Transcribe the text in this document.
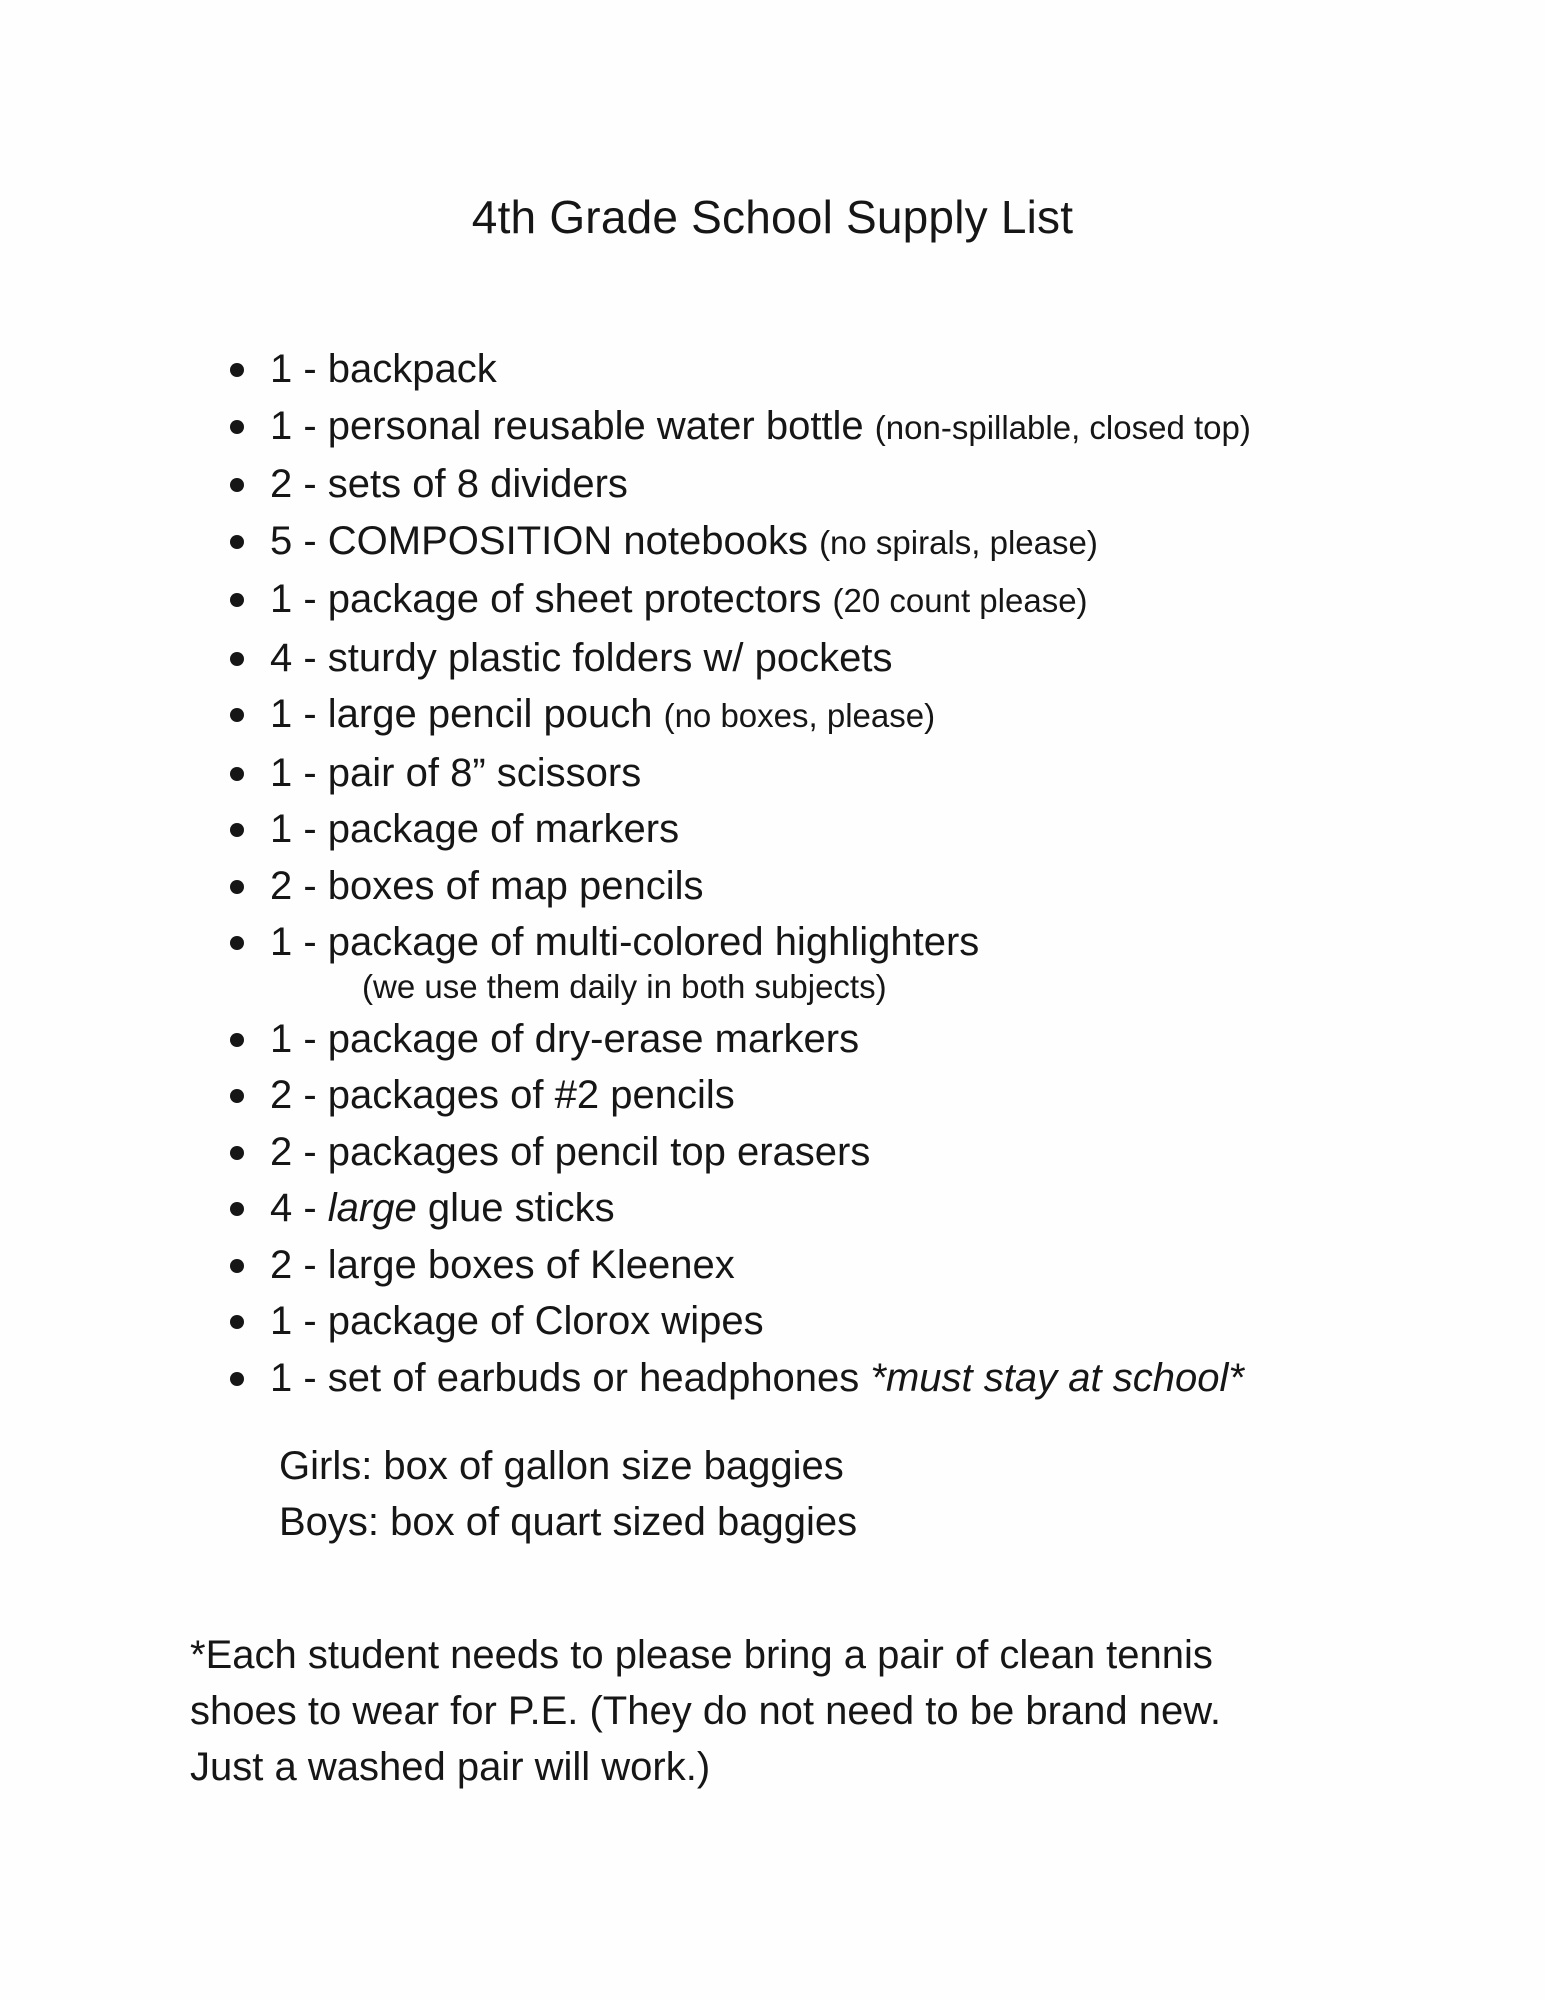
4th Grade School Supply List
1 - backpack
1 - personal reusable water bottle (non-spillable, closed top)
2 - sets of 8 dividers
5 - COMPOSITION notebooks (no spirals, please)
1 - package of sheet protectors (20 count please)
4 - sturdy plastic folders w/ pockets
1 - large pencil pouch (no boxes, please)
1 - pair of 8” scissors
1 - package of markers
2 - boxes of map pencils
1 - package of multi-colored highlighters
(we use them daily in both subjects)
1 - package of dry-erase markers
2 - packages of #2 pencils
2 - packages of pencil top erasers
4 - large glue sticks
2 - large boxes of Kleenex
1 - package of Clorox wipes
1 - set of earbuds or headphones *must stay at school*
Girls: box of gallon size baggies
Boys: box of quart sized baggies
*Each student needs to please bring a pair of clean tennis
shoes to wear for P.E. (They do not need to be brand new.
Just a washed pair will work.)
